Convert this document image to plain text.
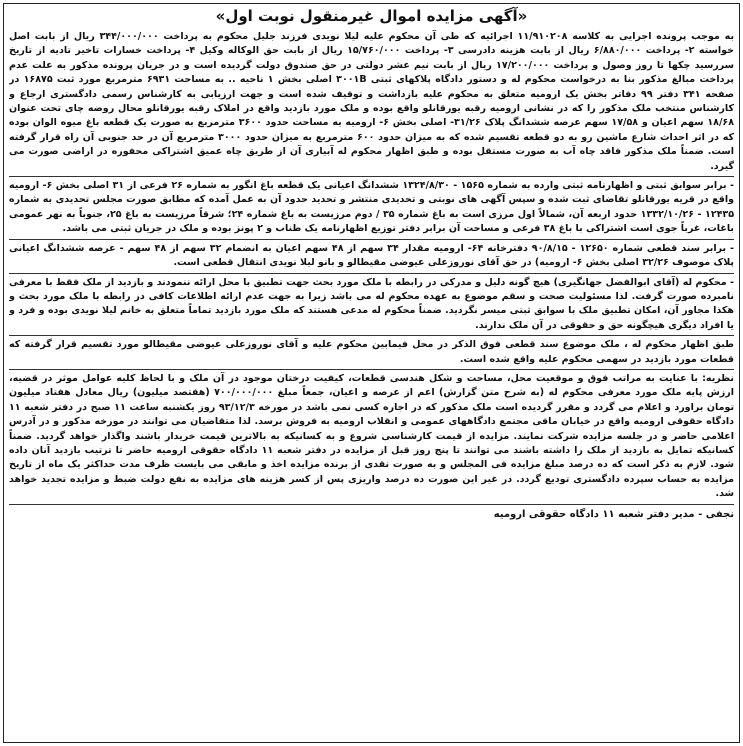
«آگهی مزایده اموال غیرمنقول نوبت اول»

به موجب پرونده اجرایی به کلاسه ۱۱/۹۱۰۲۰۸ اجرائیه که طی آن محکوم علیه لیلا نویدی فرزند جلیل محکوم به پرداخت ۳۴۴/۰۰۰/۰۰۰ ریال از بابت اصل خواسته ۲- پرداخت ۶/۸۸۰/۰۰۰ ریال از بابت هزینه دادرسی ۳- پرداخت ۱۵/۷۶۰/۰۰۰ ریال از بابت حق الوکاله وکیل ۴- پرداخت خسارات تاخیر تادیه از تاریخ سررسید چکها تا روز وصول و پرداخت ۱۷/۲۰۰/۰۰۰ ریال از بابت نیم عشر دولتی در حق صندوق دولت گردیده است و در جریان پرونده مذکور به علت عدم پرداخت مبالغ مذکور بنا به درخواست محکوم له و دستور دادگاه پلاکهای ثبتی ۳۰۰۱B اصلی بخش ۱ ناحیه .. به مساحت ۶۹۳۱ مترمربع مورد ثبت ۱۶۸۷۵ در صفحه ۳۴۱ دفتر ۹۹ دفاتر بخش یک ارومیه متعلق به محکوم علیه بازداشت و توقیف شده است و جهت ارزیابی به کارشناس رسمی دادگستری ارجاع و کارشناس منتخب ملک مذکور را که در نشانی ارومیه رقبه یورقانلو واقع بوده و ملک مورد بازدید واقع در املاک رقبه یورقانلو محال روضه چای تحت عنوان ۱۸/۶۸ سهم اعیان و ۱۷/۵۸ سهم عرصه ششدانگ پلاک ۳۱/۲۶- اصلی بخش ۶- ارومیه به مساحت حدود ۳۶۰۰ مترمربع به صورت یک قطعه باغ میوه الوان بوده که در اثر احداث شارع ماشین رو به دو قطعه تقسیم شده که به میزان حدود ۶۰۰ مترمربع به میزان حدود ۳۰۰۰ مترمربع آن در حد جنوبی آن راه قرار گرفته است. ضمناً ملک مذکور فاقد چاه آب به صورت مستقل بوده و طبق اظهار محکوم له آبیاری آن از طریق چاه عمیق اشتراکی محفوره در اراضی صورت می گیرد.

- برابر سوابق ثبتی و اظهارنامه ثبتی وارده به شماره ۱۵۶۵ - ۱۳۲۴/۸/۳۰ ششدانگ اعیانی یک قطعه باغ انگور به شماره ۲۶ فرعی از ۳۱ اصلی بخش ۶- ارومیه واقع در قریه یورقانلو تقاضای ثبت شده و سپس آگهی های نوبتی و تحدیدی منتشر و تحدید حدود آن به عمل آمده که مطابق صورت مجلس تحدیدی به شماره ۱۲۴۳۵ - ۱۳۳۲/۱۰/۲۶ حدود اربعه آن، شمالاً اول مرزی است به باغ شماره ۳۵ / دوم مرزیست به باغ شماره ۲۴؛ شرقاً مرزیست به باغ ۲۵، جنوباً به نهر عمومی باغات، غرباً جوی است اشتراکی با باغ ۳۸ فرعی و مساحت آن برابر دفتر توزیع اظهارنامه یک طناب و ۲ پونز بوده و ملک در جریان ثبتی می باشد.

- برابر سند قطعی شماره ۱۲۶۵۰ - ۹۰/۸/۱۵ دفترخانه ۶۴- ارومیه مقدار ۳۴ سهم از ۴۸ سهم اعیان به انضمام ۳۲ سهم از ۴۸ سهم - عرصه ششدانگ اعیانی پلاک موصوف ۳۲/۲۶ اصلی بخش ۶- ارومیه) در حق آقای نوروزعلی عیوضی مقیطالو و بانو لیلا نویدی انتقال قطعی است.

- محکوم له (آقای ابوالفضل جهانگیری) هیچ گونه دلیل و مدرکی در رابطه با ملک مورد بحث جهت تطبیق با محل ارائه ننمودند و بازدید از ملک فقط با معرفی نامبرده صورت گرفت. لذا مسئولیت صحت و سقم موضوع به عهده محکوم له می باشد زیرا به جهت عدم ارائه اطلاعات کافی در رابطه با ملک مورد بحث و هکذا مجاور آن، امکان تطبیق ملک با سوابق ثبتی میسر نگردید. ضمناً محکوم له مدعی هستند که ملک مورد بازدید تماماً متعلق به خانم لیلا نویدی بوده و فرد و یا افراد دیگری هیچگونه حق و حقوقی در آن ملک ندارند.

طبق اظهار محکوم له ، ملک موضوع سند قطعی فوق الذکر در محل فیمابین محکوم علیه و آقای نوروزعلی عیوضی مقیطالو مورد تقسیم قرار گرفته که قطعات مورد بازدید در سهمی محکوم علیه واقع شده است.

نظریه: با عنایت به مراتب فوق و موقعیت محل، مساحت و شکل هندسی قطعات، کیفیت درختان موجود در آن ملک و با لحاظ کلیه عوامل موثر در قضیه، ارزش پایه ملک مورد معرفی محکوم له (به شرح متن گزارش) اعم از عرصه و اعیان، جمعاً مبلغ ۷۰۰/۰۰۰/۰۰۰ (هفتصد میلیون) ریال معادل هفتاد میلیون تومان براورد و اعلام می گردد و مقرر گردیده است ملک مذکور که در اجاره کسی نمی باشد در مورخه ۹۳/۱۲/۳ روز یکشنبه ساعت ۱۱ صبح در دفتر شعبه ۱۱ دادگاه حقوقی ارومیه واقع در خیابان مافی مجتمع دادگاههای عمومی و انقلاب ارومیه به فروش برسد. لذا متقاضیان می توانند در مورخه مذکور و در آدرس اعلامی حاضر و در جلسه مزایده شرکت نمایند. مزایده از قیمت کارشناسی شروع و به کسانیکه به بالاترین قیمت خریدار باشند واگذار خواهد گردید. ضمناً کسانیکه تمایل به بازدید از ملک را داشته باشند می توانند تا پنج روز قبل از مزایده در دفتر شعبه ۱۱ دادگاه حقوقی ارومیه حاضر تا ترتیب بازدید آنان داده شود. لازم به ذکر است که ده درصد مبلغ مزایده فی المجلس و به صورت نقدی از برنده مزایده اخذ و مابقی می بایست ظرف مدت حداکثر یک ماه از تاریخ مزایده به حساب سپرده دادگستری تودیع گردد. در غیر این صورت ده درصد واریزی پس از کسر هزینه های مزایده به نفع دولت ضبط و مزایده تجدید خواهد شد.

نجفی - مدیر دفتر شعبه ۱۱ دادگاه حقوقی ارومیه
